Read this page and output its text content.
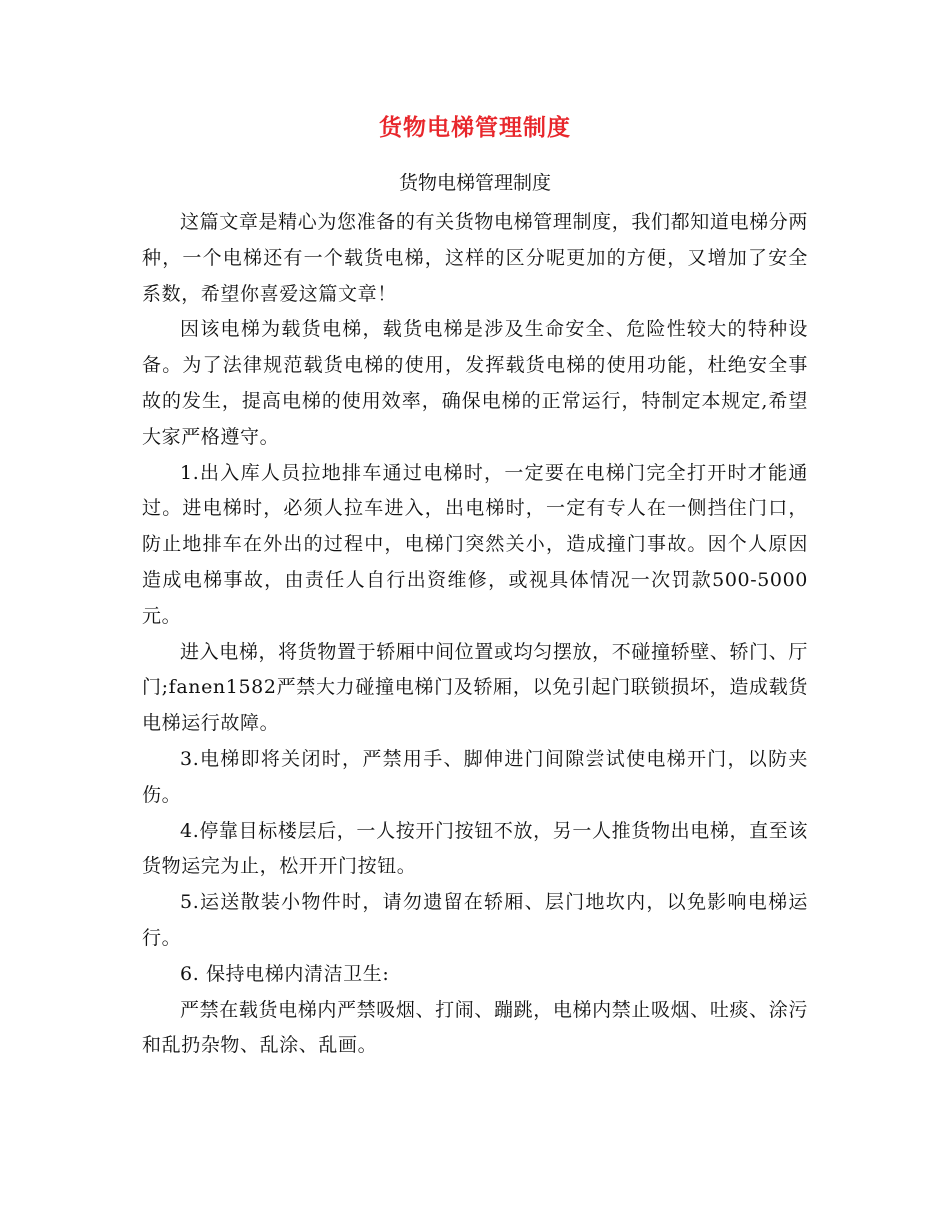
货物电梯管理制度
货物电梯管理制度

这篇文章是精心为您准备的有关货物电梯管理制度，我们都知道电梯分两种，一个电梯还有一个载货电梯，这样的区分呢更加的方便，又增加了安全系数，希望你喜爱这篇文章！

因该电梯为载货电梯，载货电梯是涉及生命安全、危险性较大的特种设备。为了法律规范载货电梯的使用，发挥载货电梯的使用功能，杜绝安全事故的发生，提高电梯的使用效率，确保电梯的正常运行，特制定本规定,希望大家严格遵守。

1.出入库人员拉地排车通过电梯时，一定要在电梯门完全打开时才能通过。进电梯时，必须人拉车进入，出电梯时，一定有专人在一侧挡住门口，防止地排车在外出的过程中，电梯门突然关小，造成撞门事故。因个人原因造成电梯事故，由责任人自行出资维修，或视具体情况一次罚款500-5000元。

进入电梯，将货物置于轿厢中间位置或均匀摆放，不碰撞轿壁、轿门、厅门;fanen1582严禁大力碰撞电梯门及轿厢，以免引起门联锁损坏，造成载货电梯运行故障。

3.电梯即将关闭时，严禁用手、脚伸进门间隙尝试使电梯开门，以防夹伤。

4.停靠目标楼层后，一人按开门按钮不放，另一人推货物出电梯，直至该货物运完为止，松开开门按钮。

5.运送散装小物件时，请勿遗留在轿厢、层门地坎内，以免影响电梯运行。

6. 保持电梯内清洁卫生:

严禁在载货电梯内严禁吸烟、打闹、蹦跳，电梯内禁止吸烟、吐痰、涂污和乱扔杂物、乱涂、乱画。
